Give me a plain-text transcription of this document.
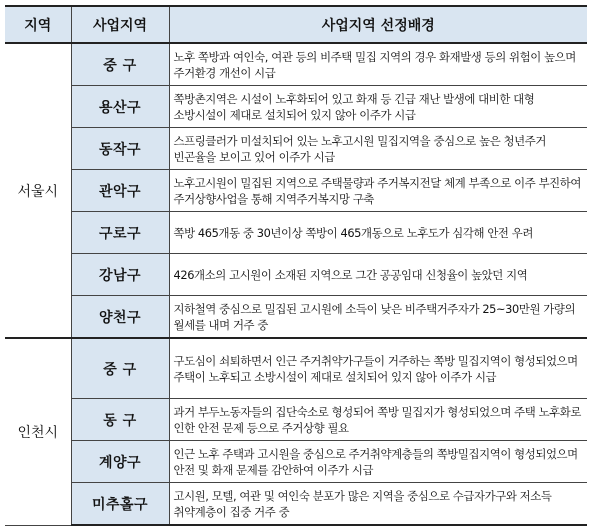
지역	사업지역	사업지역 선정배경
서울시	중 구	노후 쪽방과 여인숙, 여관 등의 비주택 밀집 지역의 경우 화재발생 등의 위험이 높으며 주거환경 개선이 시급
	용산구	쪽방촌지역은 시설이 노후화되어 있고 화재 등 긴급 재난 발생에 대비한 대형 소방시설이 제대로 설치되어 있지 않아 이주가 시급
	동작구	스프링클러가 미설치되어 있는 노후고시원 밀집지역을 중심으로 높은 청년주거 빈곤율을 보이고 있어 이주가 시급
	관악구	노후고시원이 밀집된 지역으로 주택물량과 주거복지전달 체계 부족으로 이주 부진하여 주거상향사업을 통해 지역주거복지망 구축
	구로구	쪽방 465개동 중 30년이상 쪽방이 465개동으로 노후도가 심각해 안전 우려
	강남구	426개소의 고시원이 소재된 지역으로 그간 공공임대 신청율이 높았던 지역
	양천구	지하철역 중심으로 밀집된 고시원에 소득이 낮은 비주택거주자가 25~30만원 가량의 월세를 내며 거주 중
인천시	중 구	구도심이 쇠퇴하면서 인근 주거취약가구들이 거주하는 쪽방 밀집지역이 형성되었으며 주택이 노후되고 소방시설이 제대로 설치되어 있지 않아 이주가 시급
	동 구	과거 부두노동자들의 집단숙소로 형성되어 쪽방 밀집지가 형성되었으며 주택 노후화로 인한 안전 문제 등으로 주거상향 필요
	계양구	인근 노후 주택과 고시원을 중심으로 주거취약계층들의 쪽방밀집지역이 형성되었으며 안전 및 화재 문제를 감안하여 이주가 시급
	미추홀구	고시원, 모텔, 여관 및 여인숙 분포가 많은 지역을 중심으로 수급자가구와 저소득 취약계층이 집중 거주 중
